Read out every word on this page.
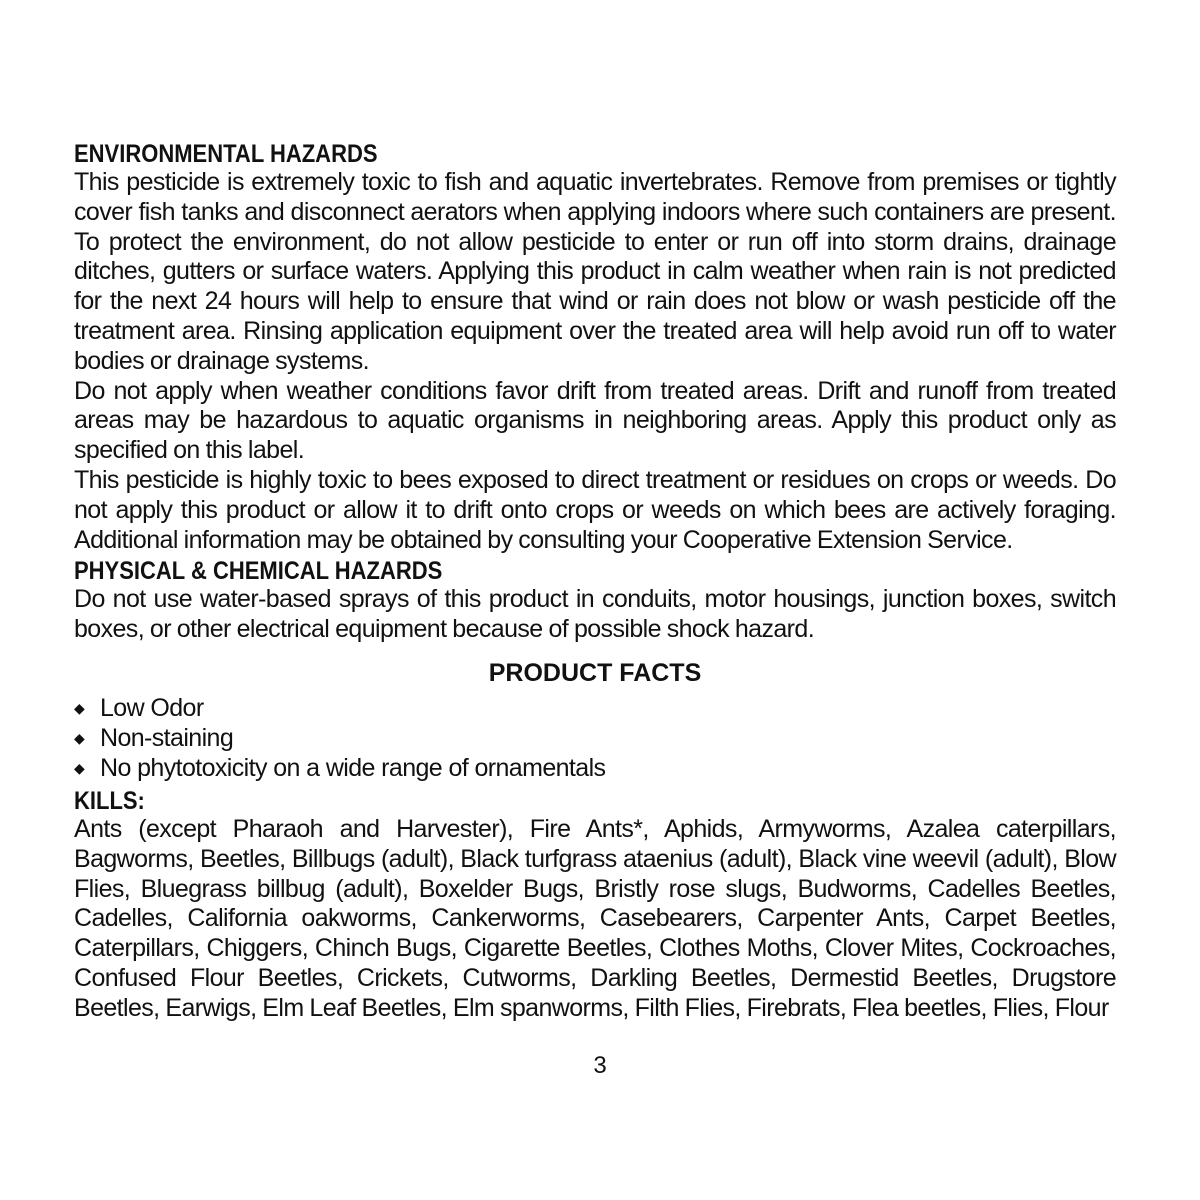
ENVIRONMENTAL HAZARDS

This pesticide is extremely toxic to fish and aquatic invertebrates. Remove from premises or tightly cover fish tanks and disconnect aerators when applying indoors where such containers are present. To protect the environment, do not allow pesticide to enter or run off into storm drains, drainage ditches, gutters or surface waters. Applying this product in calm weather when rain is not predicted for the next 24 hours will help to ensure that wind or rain does not blow or wash pesticide off the treatment area. Rinsing application equipment over the treated area will help avoid run off to water bodies or drainage systems.

Do not apply when weather conditions favor drift from treated areas. Drift and runoff from treated areas may be hazardous to aquatic organisms in neighboring areas. Apply this product only as specified on this label.

This pesticide is highly toxic to bees exposed to direct treatment or residues on crops or weeds. Do not apply this product or allow it to drift onto crops or weeds on which bees are actively foraging. Additional information may be obtained by consulting your Cooperative Extension Service.

PHYSICAL & CHEMICAL HAZARDS

Do not use water-based sprays of this product in conduits, motor housings, junction boxes, switch boxes, or other electrical equipment because of possible shock hazard.

PRODUCT FACTS
◆ Low Odor
◆ Non-staining
◆ No phytotoxicity on a wide range of ornamentals
KILLS:

Ants (except Pharaoh and Harvester), Fire Ants*, Aphids, Armyworms, Azalea caterpillars, Bagworms, Beetles, Billbugs (adult), Black turfgrass ataenius (adult), Black vine weevil (adult), Blow Flies, Bluegrass billbug (adult), Boxelder Bugs, Bristly rose slugs, Budworms, Cadelles Beetles, Cadelles, California oakworms, Cankerworms, Casebearers, Carpenter Ants, Carpet Beetles, Caterpillars, Chiggers, Chinch Bugs, Cigarette Beetles, Clothes Moths, Clover Mites, Cockroaches, Confused Flour Beetles, Crickets, Cutworms, Darkling Beetles, Dermestid Beetles, Drugstore Beetles, Earwigs, Elm Leaf Beetles, Elm spanworms, Filth Flies, Firebrats, Flea beetles, Flies, Flour

3
